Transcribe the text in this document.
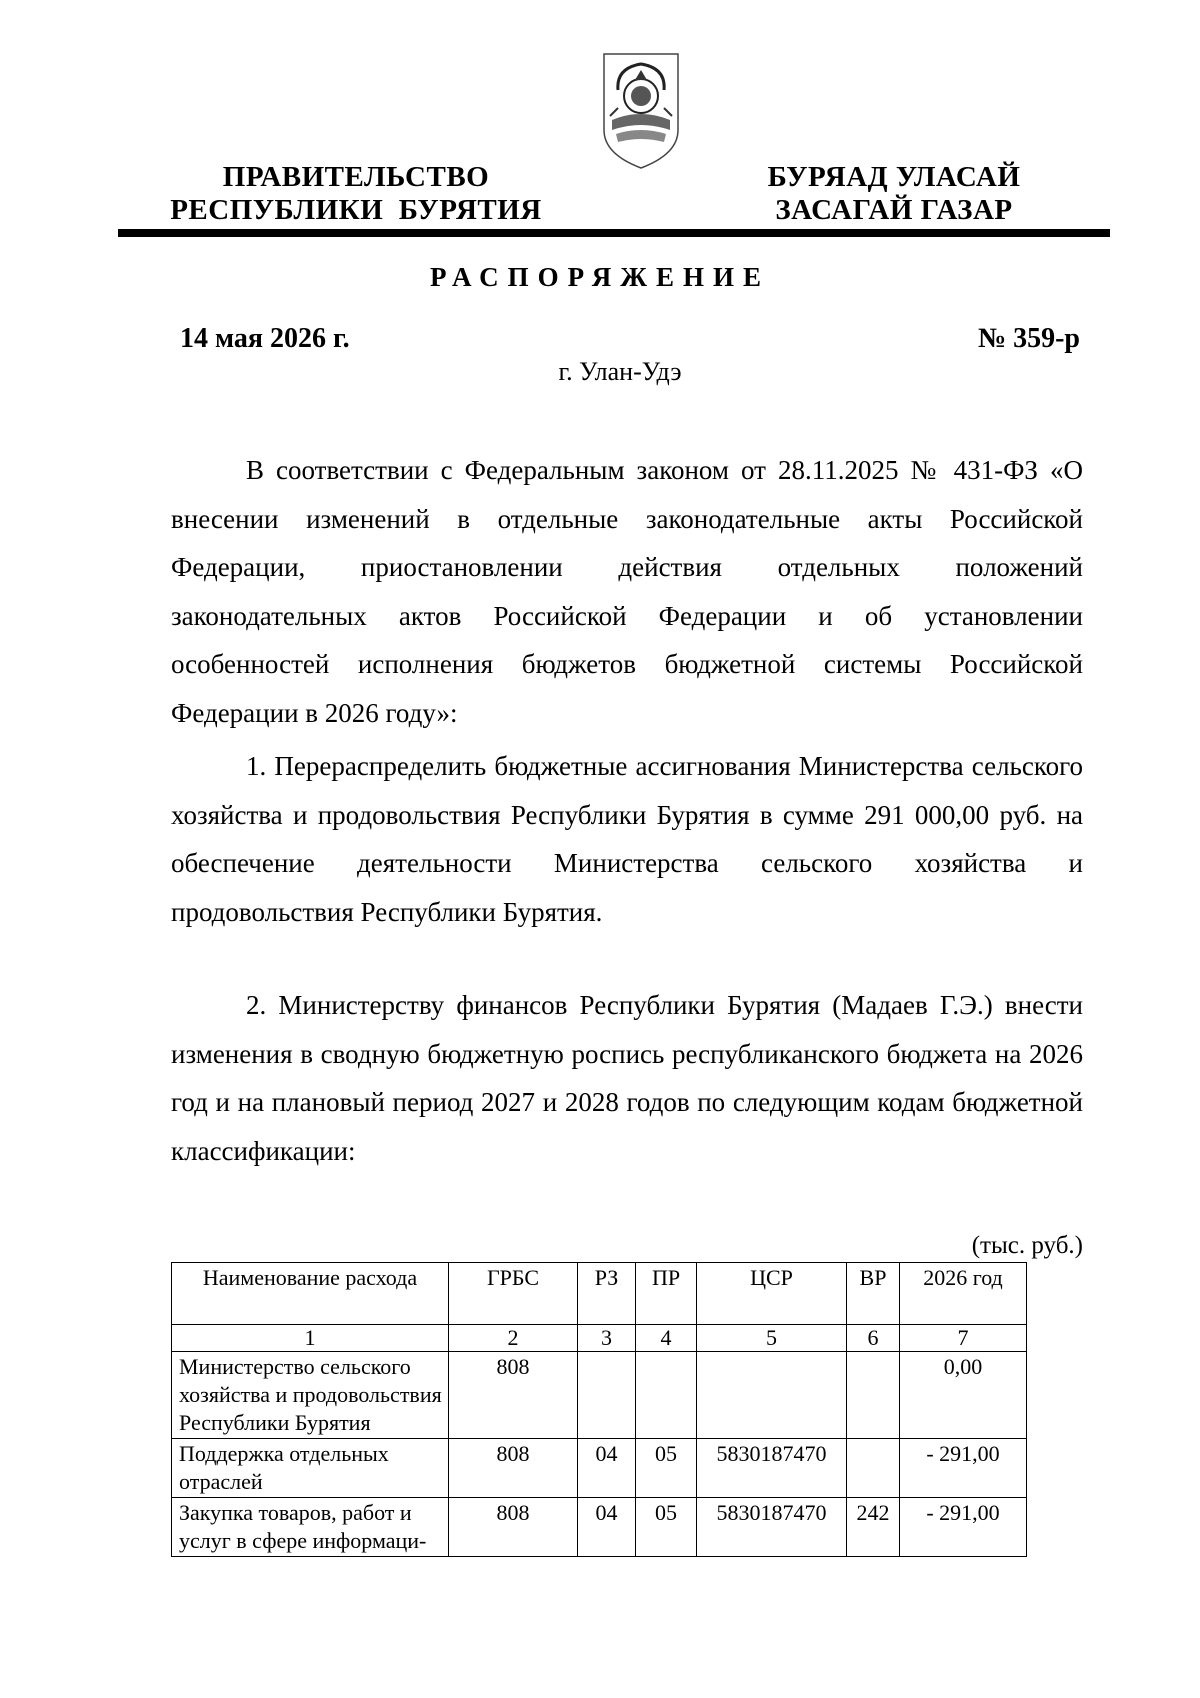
ПРАВИТЕЛЬСТВО
РЕСПУБЛИКИ  БУРЯТИЯ
БУРЯАД УЛАСАЙ
ЗАСАГАЙ ГАЗАР
РАСПОРЯЖЕНИЕ
14 мая 2026 г.	№ 359-р
г. Улан-Удэ

В соответствии с Федеральным законом от 28.11.2025 № 431-ФЗ «О внесении изменений в отдельные законодательные акты Российской Федерации, приостановлении действия отдельных положений законодательных актов Российской Федерации и об установлении особенностей исполнения бюджетов бюджетной системы Российской Федерации в 2026 году»:

1. Перераспределить бюджетные ассигнования Министерства сельского хозяйства и продовольствия Республики Бурятия в сумме 291 000,00 руб. на обеспечение деятельности Министерства сельского хозяйства и продовольствия Республики Бурятия.

2. Министерству финансов Республики Бурятия (Мадаев Г.Э.) внести изменения в сводную бюджетную роспись республиканского бюджета на 2026 год и на плановый период 2027 и 2028 годов по следующим кодам бюджетной классификации:

(тыс. руб.)
Наименование расхода	ГРБС	РЗ	ПР	ЦСР	ВР	2026 год
1	2	3	4	5	6	7
Министерство сельского хозяйства и продовольствия Республики Бурятия	808					0,00
Поддержка отдельных отраслей	808	04	05	5830187470		- 291,00
Закупка товаров, работ и услуг в сфере информаци-	808	04	05	5830187470	242	- 291,00
